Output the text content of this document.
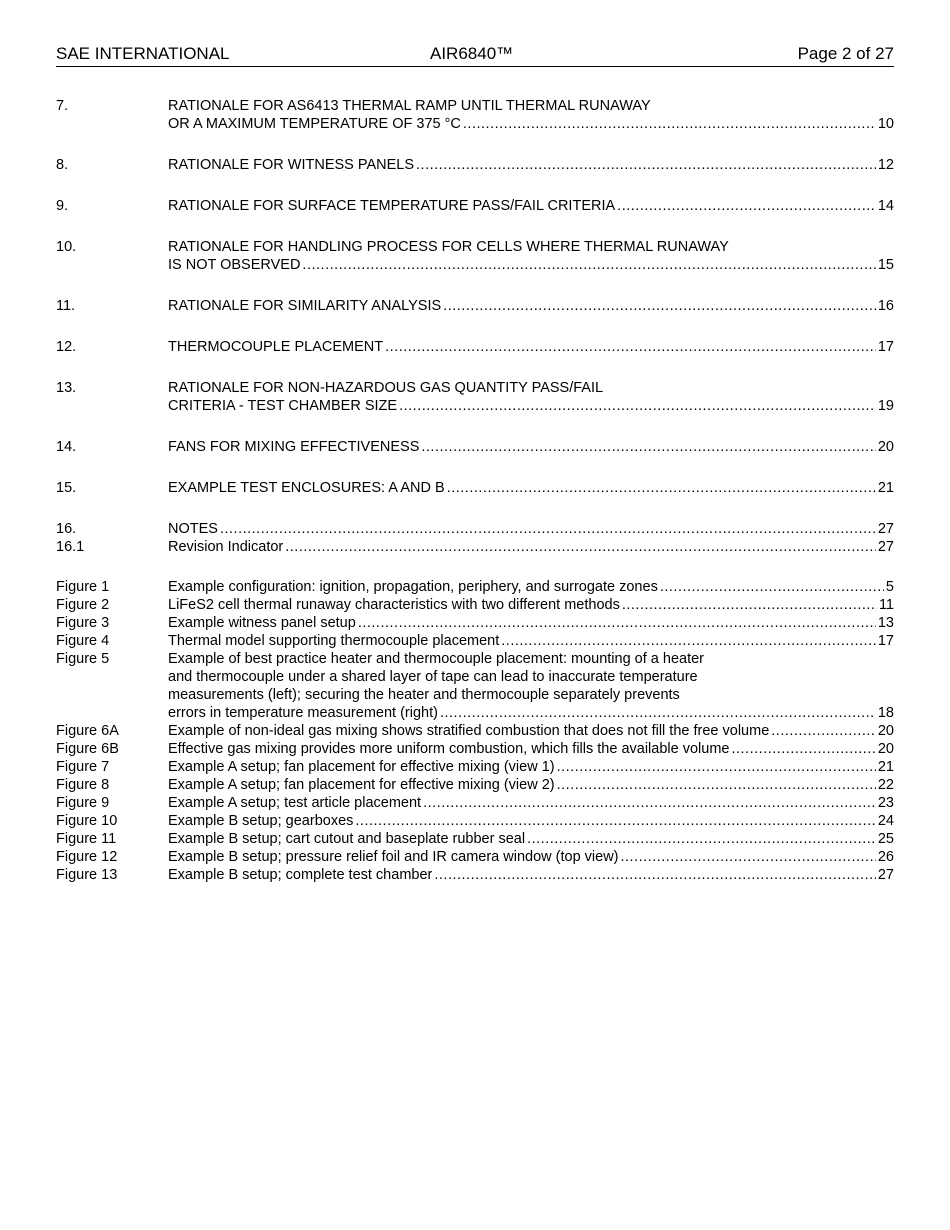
SAE INTERNATIONAL	AIR6840™	Page 2 of 27
7.	RATIONALE FOR AS6413 THERMAL RAMP UNTIL THERMAL RUNAWAY
OR A MAXIMUM TEMPERATURE OF 375 °C .....	10
8.	RATIONALE FOR WITNESS PANELS .....	12
9.	RATIONALE FOR SURFACE TEMPERATURE PASS/FAIL CRITERIA .....	14
10.	RATIONALE FOR HANDLING PROCESS FOR CELLS WHERE THERMAL RUNAWAY
IS NOT OBSERVED .....	15
11.	RATIONALE FOR SIMILARITY ANALYSIS .....	16
12.	THERMOCOUPLE PLACEMENT .....	17
13.	RATIONALE FOR NON-HAZARDOUS GAS QUANTITY PASS/FAIL
CRITERIA - TEST CHAMBER SIZE .....	19
14.	FANS FOR MIXING EFFECTIVENESS .....	20
15.	EXAMPLE TEST ENCLOSURES: A AND B .....	21
16.	NOTES .....	27
16.1	Revision Indicator .....	27
Figure 1	Example configuration: ignition, propagation, periphery, and surrogate zones .....	5
Figure 2	LiFeS2 cell thermal runaway characteristics with two different methods .....	11
Figure 3	Example witness panel setup .....	13
Figure 4	Thermal model supporting thermocouple placement .....	17
Figure 5	Example of best practice heater and thermocouple placement: mounting of a heater
and thermocouple under a shared layer of tape can lead to inaccurate temperature
measurements (left); securing the heater and thermocouple separately prevents
errors in temperature measurement (right) .....	18
Figure 6A	Example of non-ideal gas mixing shows stratified combustion that does not fill the free volume .....	20
Figure 6B	Effective gas mixing provides more uniform combustion, which fills the available volume .....	20
Figure 7	Example A setup; fan placement for effective mixing (view 1) .....	21
Figure 8	Example A setup; fan placement for effective mixing (view 2) .....	22
Figure 9	Example A setup; test article placement .....	23
Figure 10	Example B setup; gearboxes .....	24
Figure 11	Example B setup; cart cutout and baseplate rubber seal .....	25
Figure 12	Example B setup; pressure relief foil and IR camera window (top view) .....	26
Figure 13	Example B setup; complete test chamber .....	27
